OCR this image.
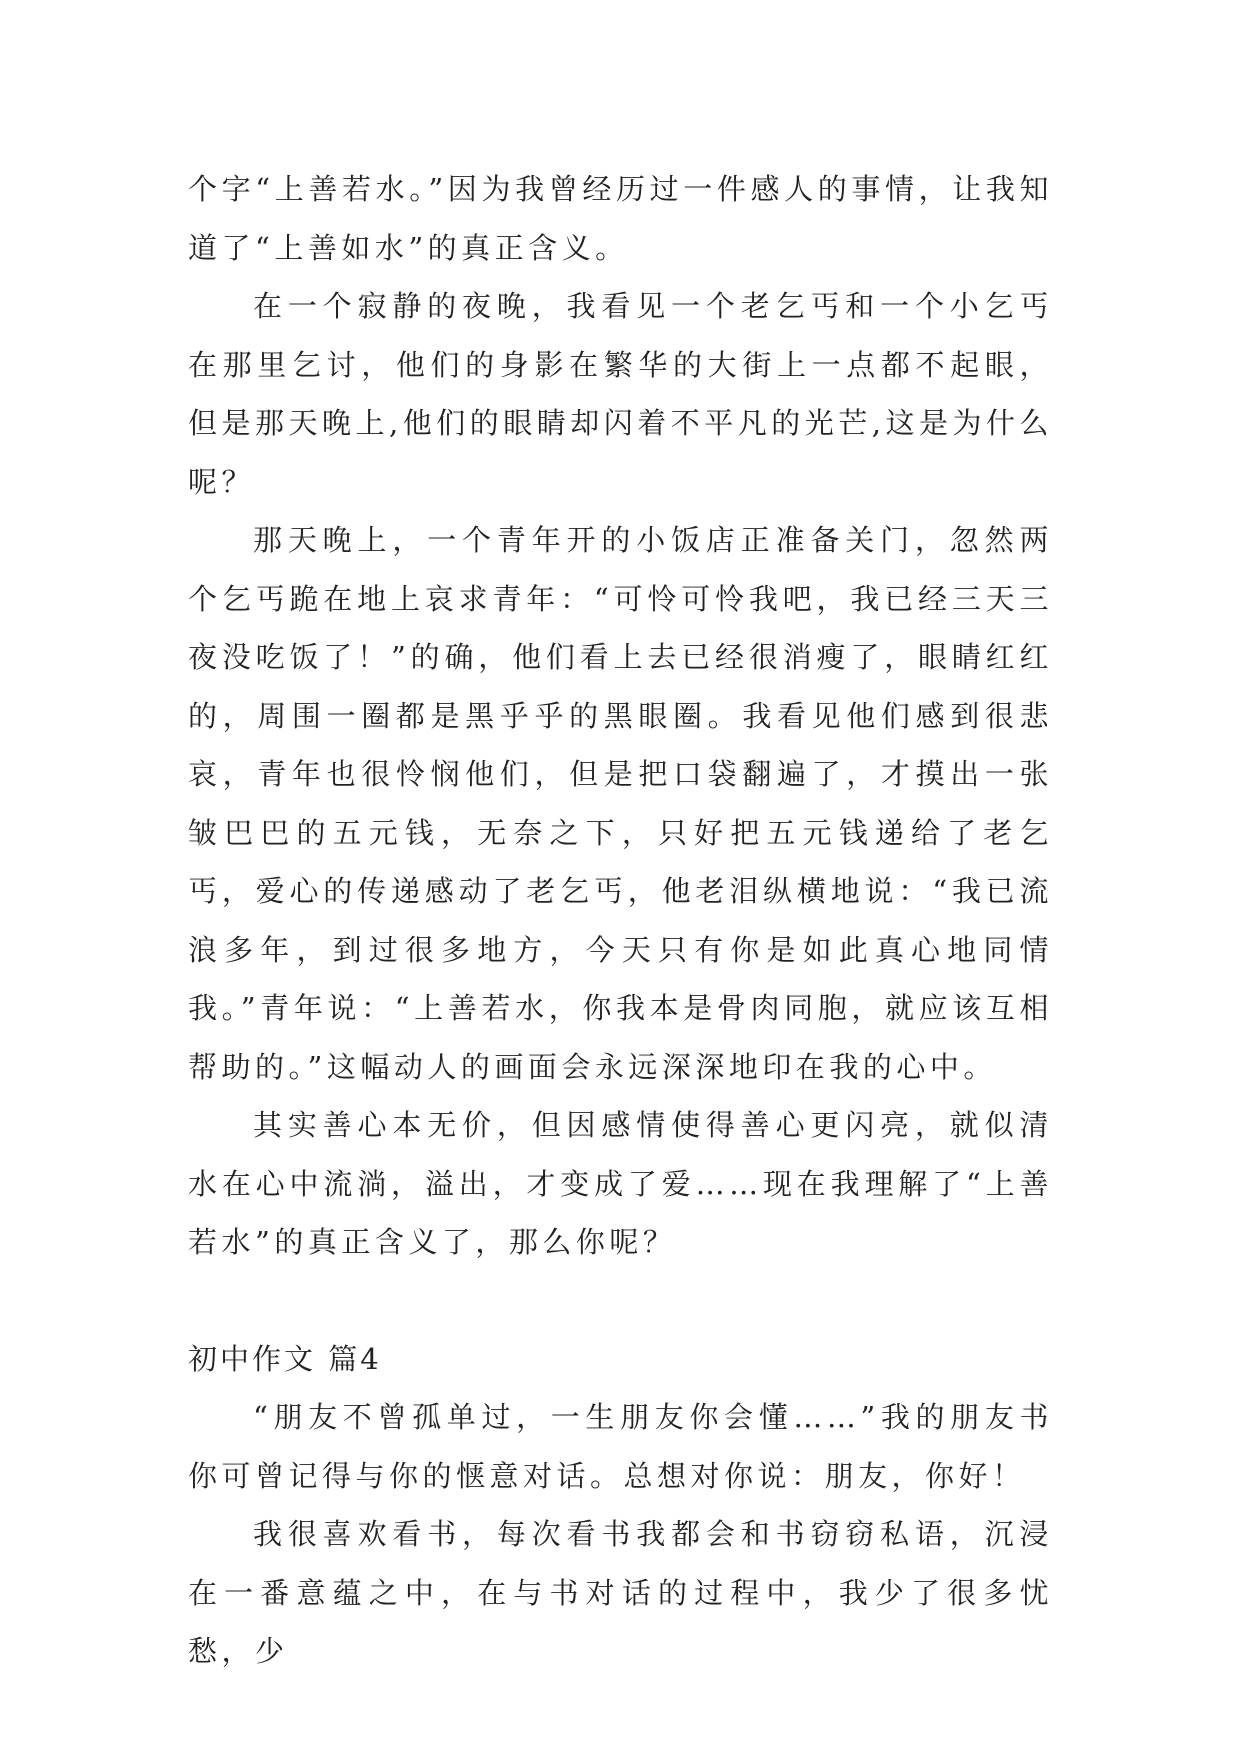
个字“上善若水。”因为我曾经历过一件感人的事情，让我知道了“上善如水”的真正含义。

在一个寂静的夜晚，我看见一个老乞丐和一个小乞丐在那里乞讨，他们的身影在繁华的大街上一点都不起眼，但是那天晚上,他们的眼睛却闪着不平凡的光芒,这是为什么呢？

那天晚上，一个青年开的小饭店正准备关门，忽然两个乞丐跪在地上哀求青年：“可怜可怜我吧，我已经三天三夜没吃饭了！”的确，他们看上去已经很消瘦了，眼睛红红的，周围一圈都是黑乎乎的黑眼圈。我看见他们感到很悲哀，青年也很怜悯他们，但是把口袋翻遍了，才摸出一张皱巴巴的五元钱，无奈之下，只好把五元钱递给了老乞丐，爱心的传递感动了老乞丐，他老泪纵横地说：“我已流浪多年，到过很多地方，今天只有你是如此真心地同情我。”青年说：“上善若水，你我本是骨肉同胞，就应该互相帮助的。”这幅动人的画面会永远深深地印在我的心中。

其实善心本无价，但因感情使得善心更闪亮，就似清水在心中流淌，溢出，才变成了爱……现在我理解了“上善若水”的真正含义了，那么你呢？

初中作文 篇4

“朋友不曾孤单过，一生朋友你会懂……”我的朋友书你可曾记得与你的惬意对话。总想对你说：朋友，你好！

我很喜欢看书，每次看书我都会和书窃窃私语，沉浸在一番意蕴之中，在与书对话的过程中，我少了很多忧愁，少
